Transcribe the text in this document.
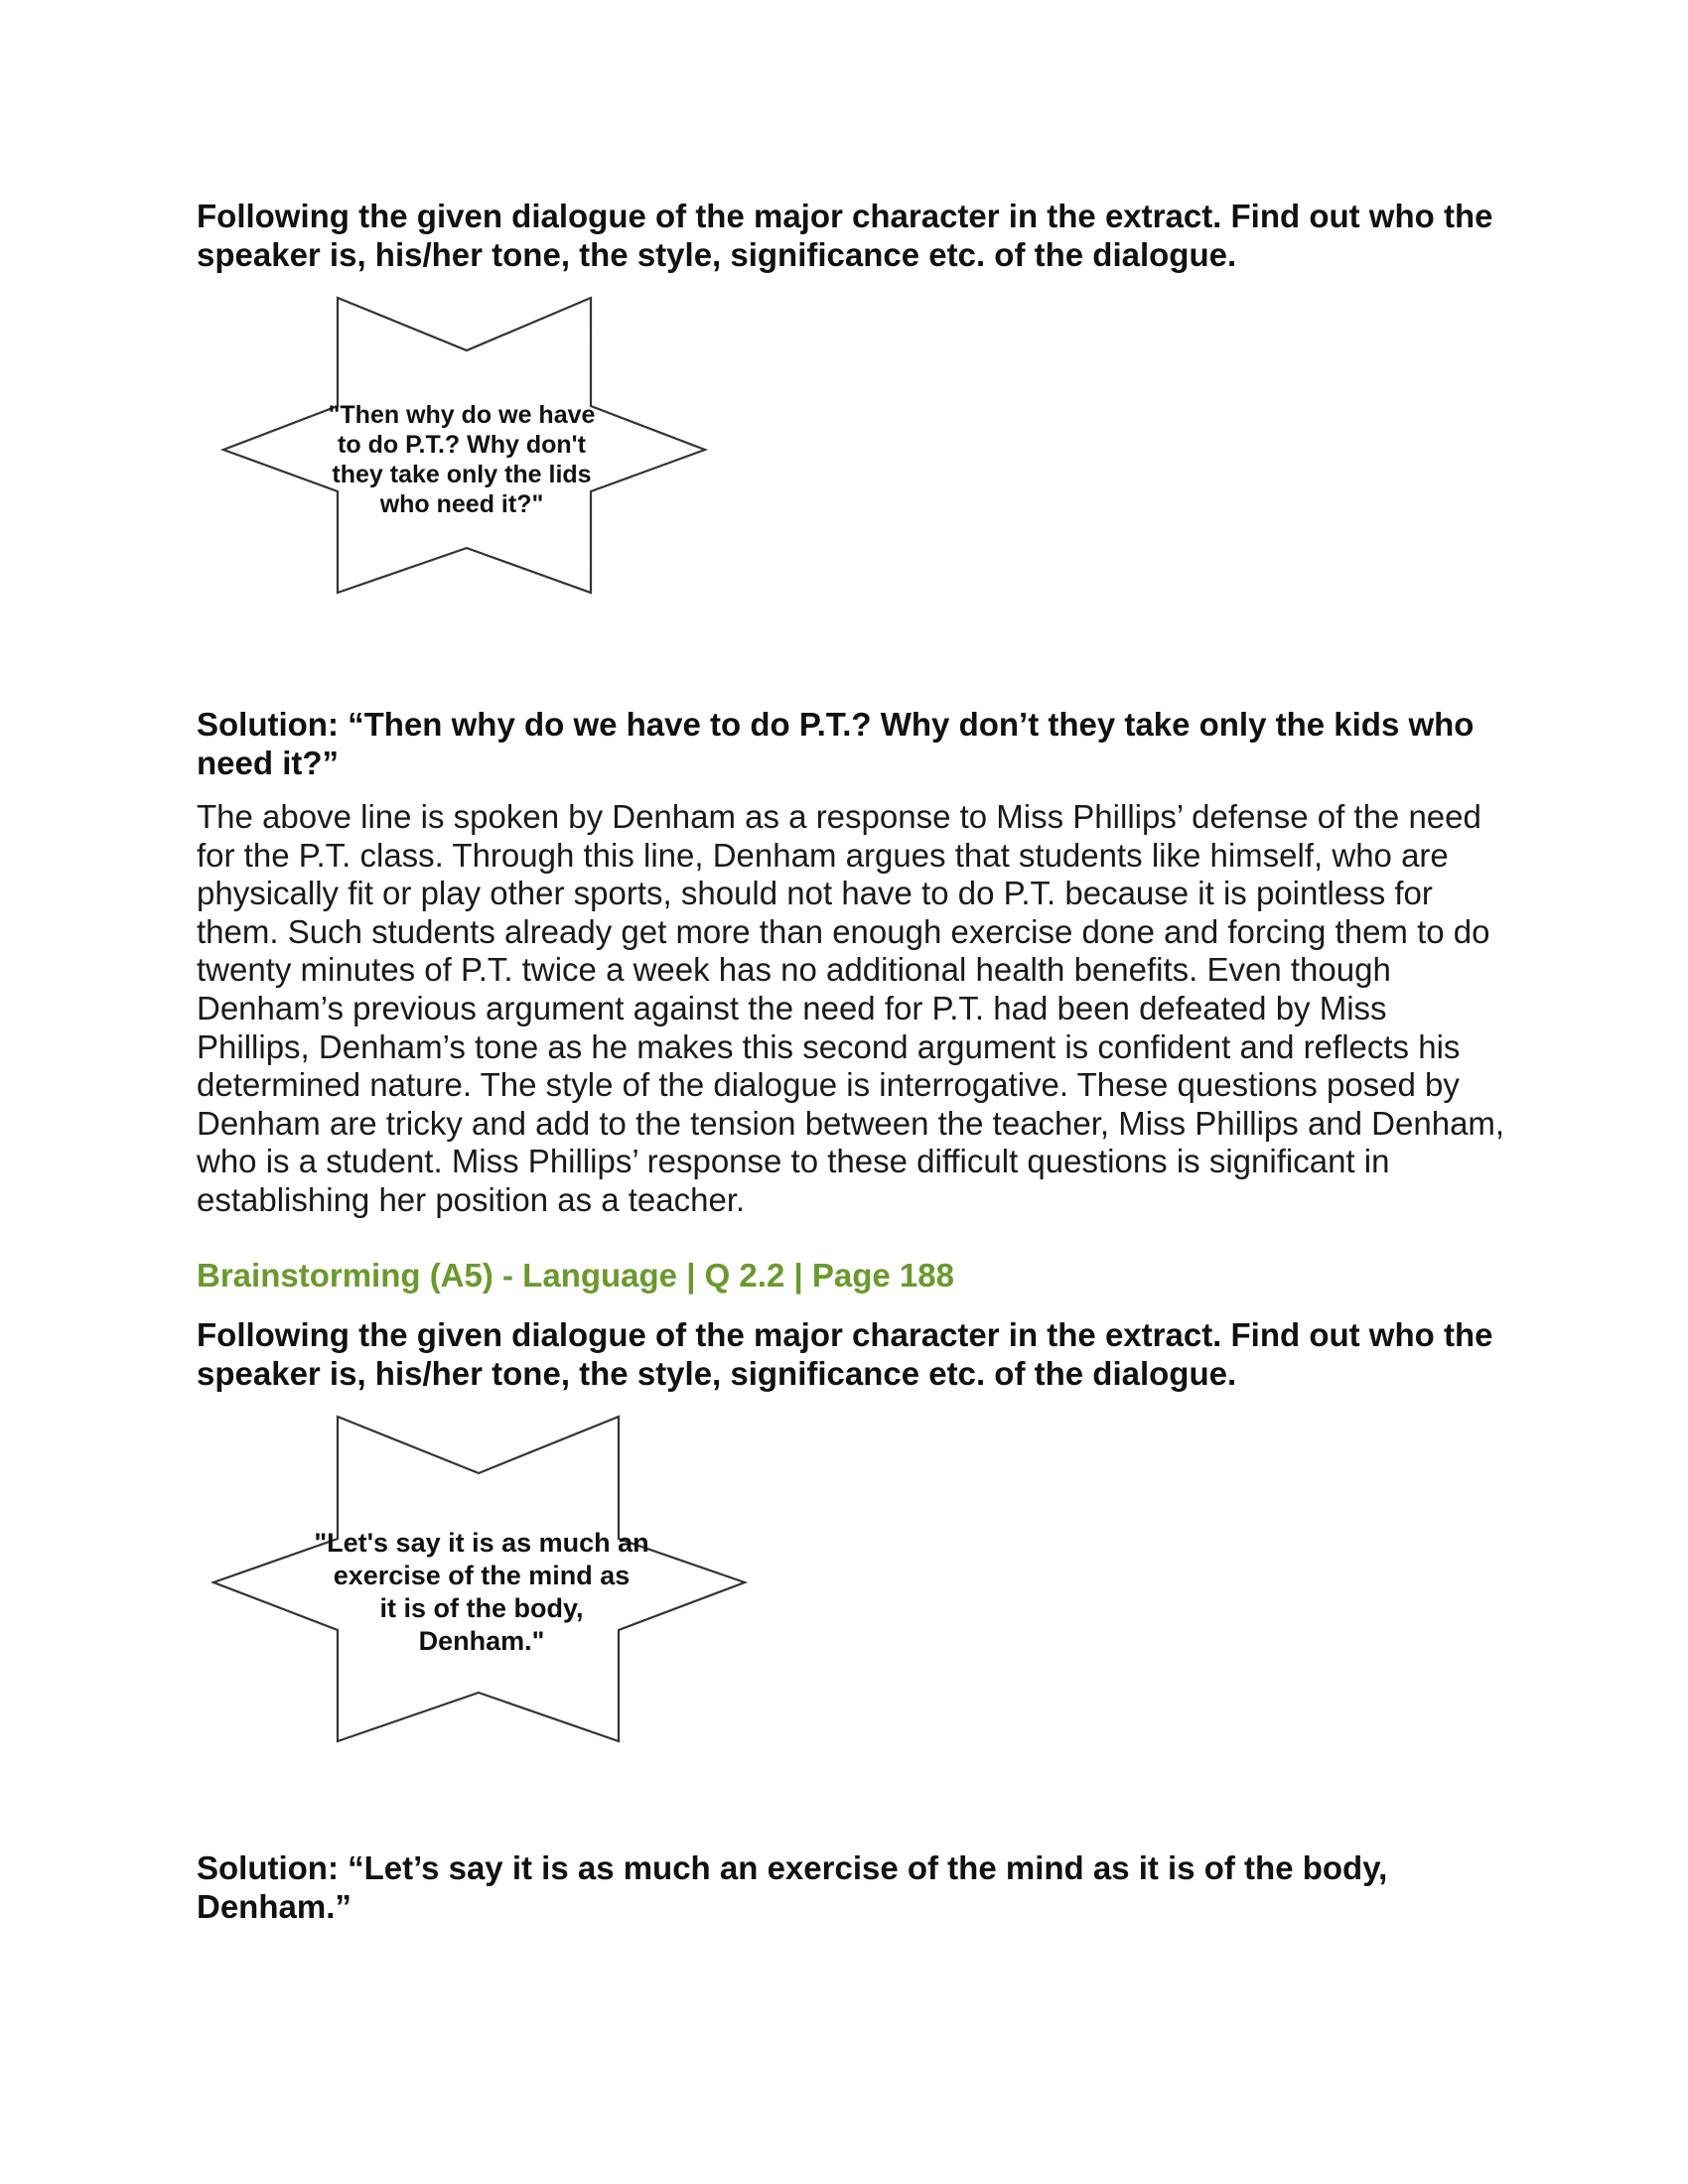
Following the given dialogue of the major character in the extract. Find out who the speaker is, his/her tone, the style, significance etc. of the dialogue.

"Then why do we have
to do P.T.? Why don't
they take only the lids
who need it?"

Solution: “Then why do we have to do P.T.? Why don’t they take only the kids who need it?”

The above line is spoken by Denham as a response to Miss Phillips’ defense of the need for the P.T. class. Through this line, Denham argues that students like himself, who are physically fit or play other sports, should not have to do P.T. because it is pointless for them. Such students already get more than enough exercise done and forcing them to do twenty minutes of P.T. twice a week has no additional health benefits. Even though Denham’s previous argument against the need for P.T. had been defeated by Miss Phillips, Denham’s tone as he makes this second argument is confident and reflects his determined nature. The style of the dialogue is interrogative. These questions posed by Denham are tricky and add to the tension between the teacher, Miss Phillips and Denham, who is a student. Miss Phillips’ response to these difficult questions is significant in establishing her position as a teacher.

Brainstorming (A5) - Language | Q 2.2 | Page 188

Following the given dialogue of the major character in the extract. Find out who the speaker is, his/her tone, the style, significance etc. of the dialogue.

"Let's say it is as much an
exercise of the mind as
it is of the body,
Denham."

Solution: “Let’s say it is as much an exercise of the mind as it is of the body, Denham.”
